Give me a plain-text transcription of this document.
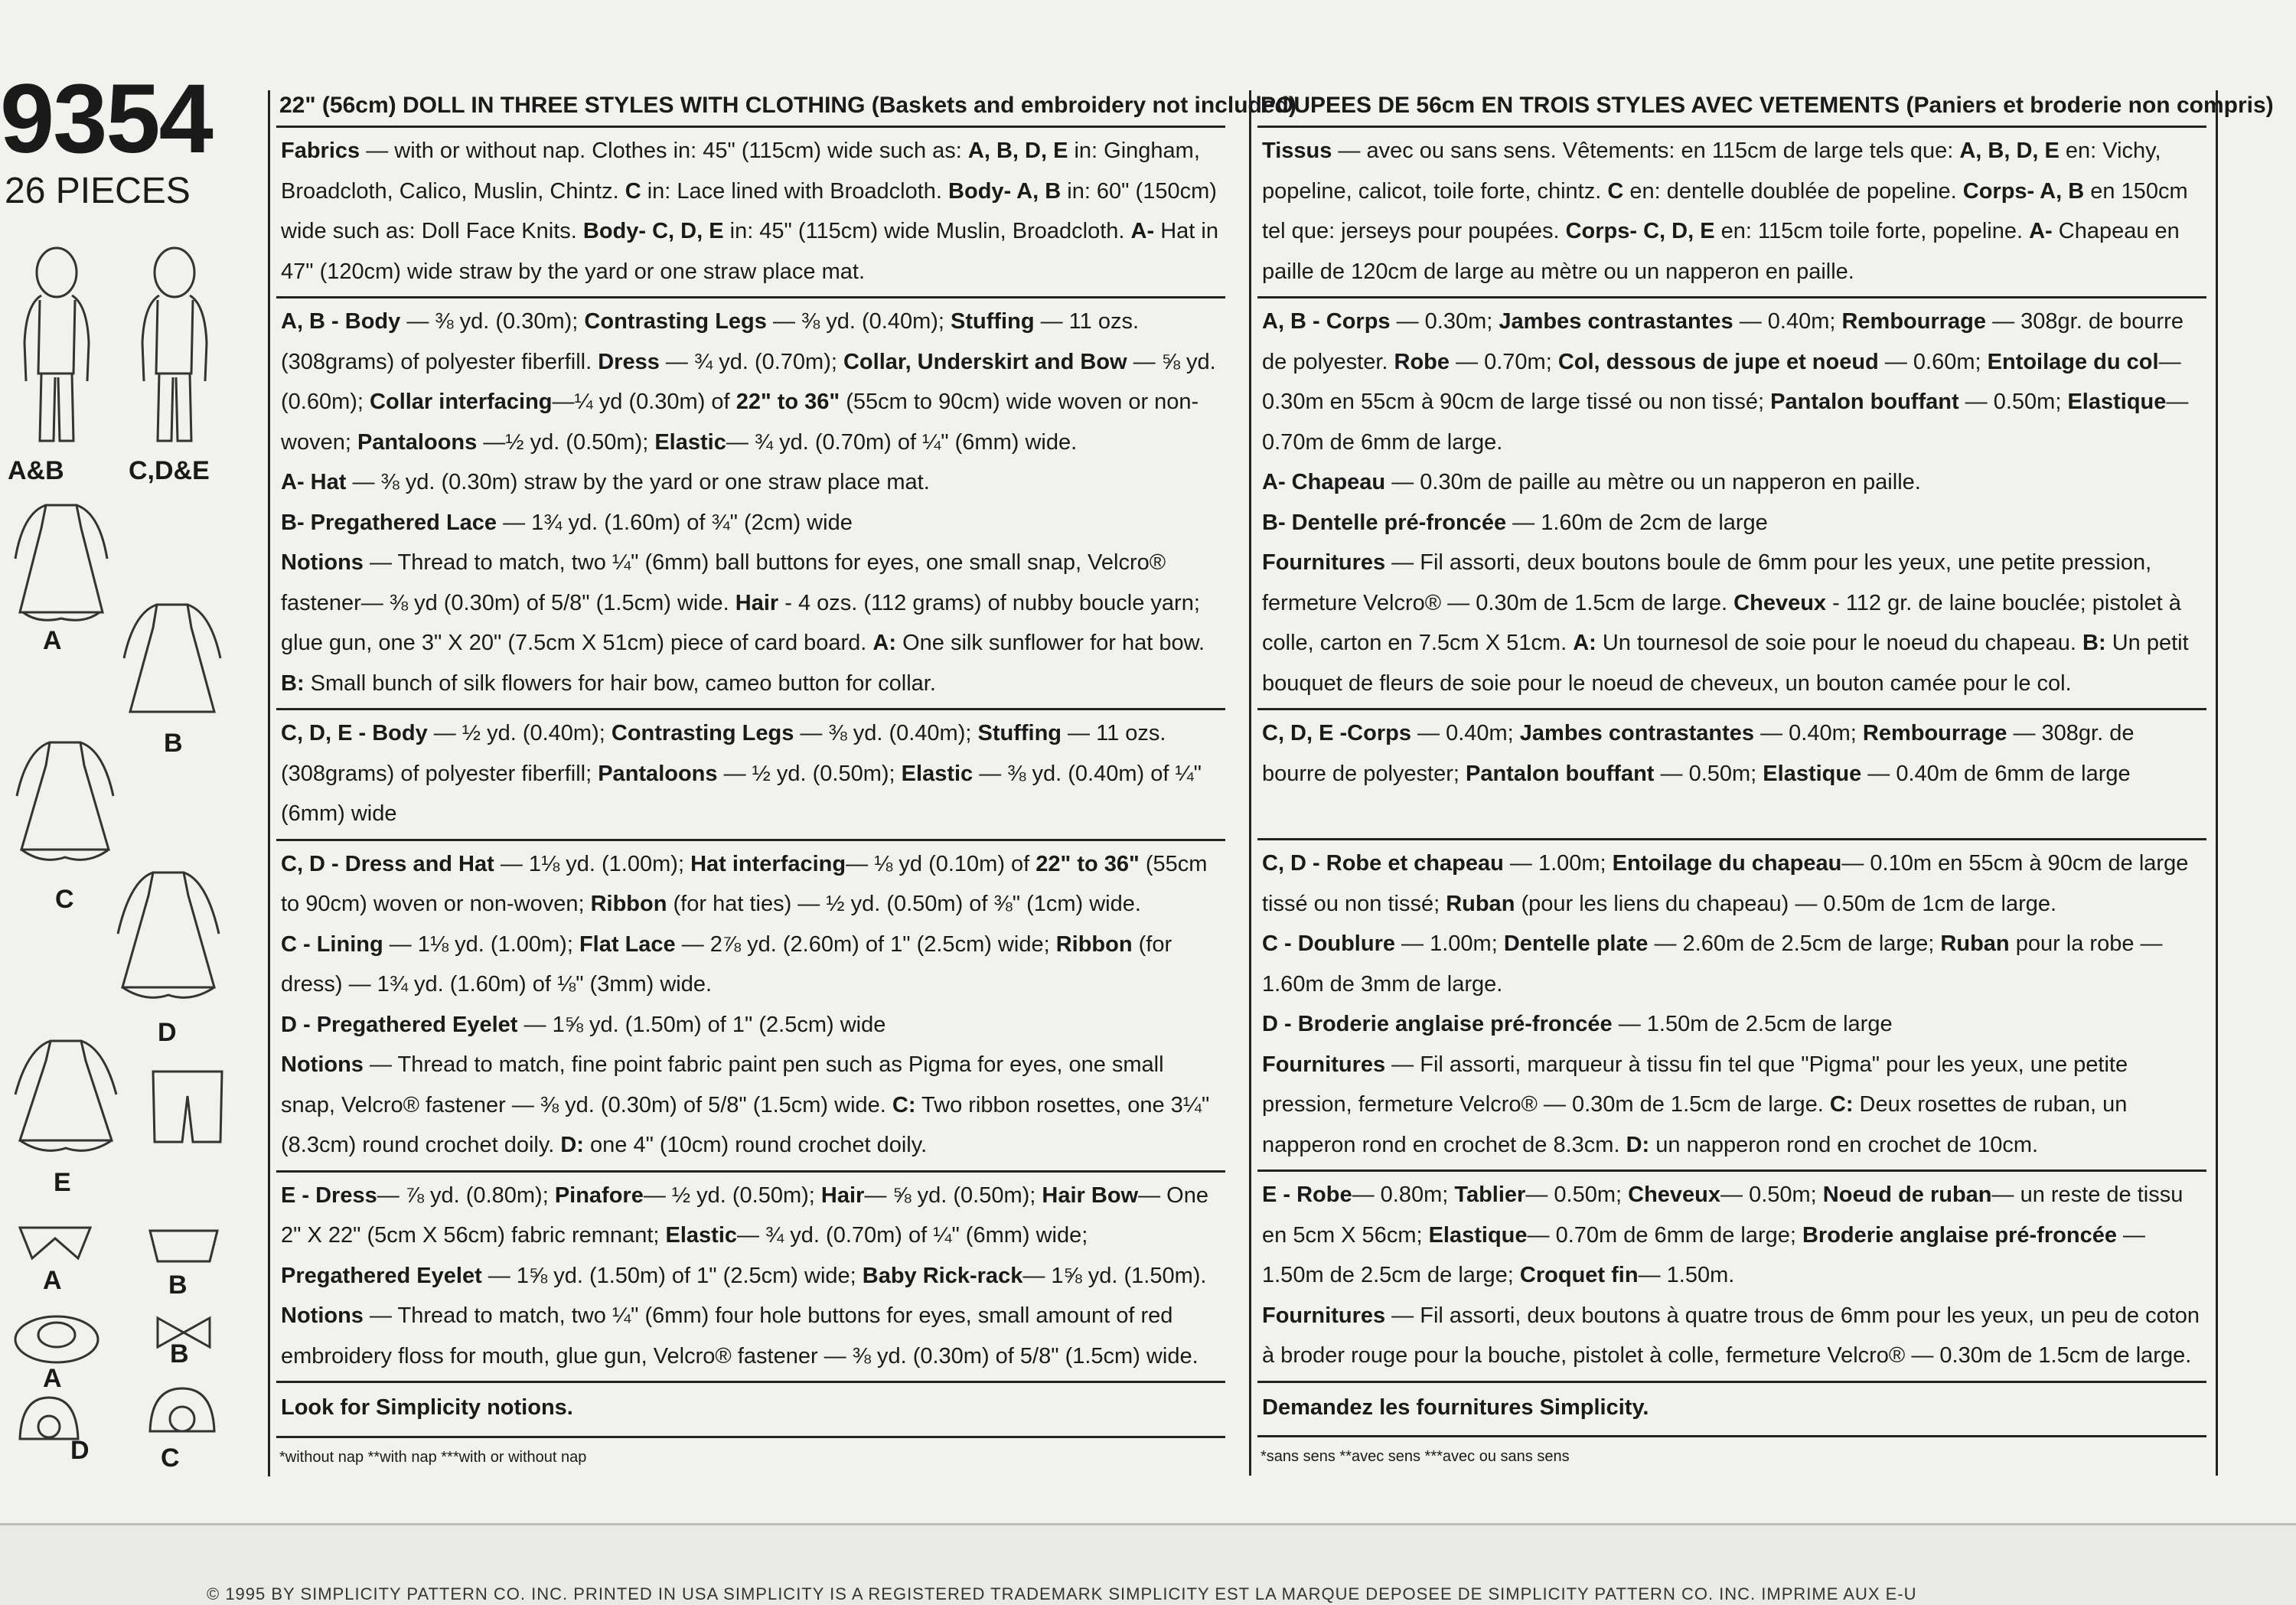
9354
26 PIECES
A&B C,D&E
A
B
C
D
E
A	B
A
B
D	C
22" (56cm) DOLL IN THREE STYLES WITH CLOTHING (Baskets and embroidery not included)

Fabrics — with or without nap. Clothes in: 45" (115cm) wide such as: A, B, D, E in: Gingham, Broadcloth, Calico, Muslin, Chintz. C in: Lace lined with Broadcloth. Body- A, B in: 60" (150cm) wide such as: Doll Face Knits. Body- C, D, E in: 45" (115cm) wide Muslin, Broadcloth. A- Hat in 47" (120cm) wide straw by the yard or one straw place mat.

A, B - Body — ⅜ yd. (0.30m); Contrasting Legs — ⅜ yd. (0.40m); Stuffing — 11 ozs. (308grams) of polyester fiberfill. Dress — ¾ yd. (0.70m); Collar, Underskirt and Bow — ⅝ yd. (0.60m); Collar interfacing—¼ yd (0.30m) of 22" to 36" (55cm to 90cm) wide woven or non-woven; Pantaloons —½ yd. (0.50m); Elastic— ¾ yd. (0.70m) of ¼" (6mm) wide.

A- Hat — ⅜ yd. (0.30m) straw by the yard or one straw place mat.

B- Pregathered Lace — 1¾ yd. (1.60m) of ¾" (2cm) wide

Notions — Thread to match, two ¼" (6mm) ball buttons for eyes, one small snap, Velcro® fastener— ⅜ yd (0.30m) of 5/8" (1.5cm) wide. Hair - 4 ozs. (112 grams) of nubby boucle yarn; glue gun, one 3" X 20" (7.5cm X 51cm) piece of card board. A: One silk sunflower for hat bow. B: Small bunch of silk flowers for hair bow, cameo button for collar.

C, D, E - Body — ½ yd. (0.40m); Contrasting Legs — ⅜ yd. (0.40m); Stuffing — 11 ozs. (308grams) of polyester fiberfill; Pantaloons — ½ yd. (0.50m); Elastic — ⅜ yd. (0.40m) of ¼" (6mm) wide

C, D - Dress and Hat — 1⅛ yd. (1.00m); Hat interfacing— ⅛ yd (0.10m) of 22" to 36" (55cm to 90cm) woven or non-woven; Ribbon (for hat ties) — ½ yd. (0.50m) of ⅜" (1cm) wide.

C - Lining — 1⅛ yd. (1.00m); Flat Lace — 2⅞ yd. (2.60m) of 1" (2.5cm) wide; Ribbon (for dress) — 1¾ yd. (1.60m) of ⅛" (3mm) wide.

D - Pregathered Eyelet — 1⅝ yd. (1.50m) of 1" (2.5cm) wide

Notions — Thread to match, fine point fabric paint pen such as Pigma for eyes, one small snap, Velcro® fastener — ⅜ yd. (0.30m) of 5/8" (1.5cm) wide. C: Two ribbon rosettes, one 3¼" (8.3cm) round crochet doily. D: one 4" (10cm) round crochet doily.

E - Dress— ⅞ yd. (0.80m); Pinafore— ½ yd. (0.50m); Hair— ⅝ yd. (0.50m); Hair Bow— One 2" X 22" (5cm X 56cm) fabric remnant; Elastic— ¾ yd. (0.70m) of ¼" (6mm) wide; Pregathered Eyelet — 1⅝ yd. (1.50m) of 1" (2.5cm) wide; Baby Rick-rack— 1⅝ yd. (1.50m).

Notions — Thread to match, two ¼" (6mm) four hole buttons for eyes, small amount of red embroidery floss for mouth, glue gun, Velcro® fastener — ⅜ yd. (0.30m) of 5/8" (1.5cm) wide.

Look for Simplicity notions.
*without nap **with nap ***with or without nap
POUPEES DE 56cm EN TROIS STYLES AVEC VETEMENTS (Paniers et broderie non compris)

Tissus — avec ou sans sens. Vêtements: en 115cm de large tels que: A, B, D, E en: Vichy, popeline, calicot, toile forte, chintz. C en: dentelle doublée de popeline. Corps- A, B en 150cm tel que: jerseys pour poupées. Corps- C, D, E en: 115cm toile forte, popeline. A- Chapeau en paille de 120cm de large au mètre ou un napperon en paille.

A, B - Corps — 0.30m; Jambes contrastantes — 0.40m; Rembourrage — 308gr. de bourre de polyester. Robe — 0.70m; Col, dessous de jupe et noeud — 0.60m; Entoilage du col— 0.30m en 55cm à 90cm de large tissé ou non tissé; Pantalon bouffant — 0.50m; Elastique— 0.70m de 6mm de large.

A- Chapeau — 0.30m de paille au mètre ou un napperon en paille.

B- Dentelle pré-froncée — 1.60m de 2cm de large

Fournitures — Fil assorti, deux boutons boule de 6mm pour les yeux, une petite pression, fermeture Velcro® — 0.30m de 1.5cm de large. Cheveux - 112 gr. de laine bouclée; pistolet à colle, carton en 7.5cm X 51cm. A: Un tournesol de soie pour le noeud du chapeau. B: Un petit bouquet de fleurs de soie pour le noeud de cheveux, un bouton camée pour le col.

C, D, E -Corps — 0.40m; Jambes contrastantes — 0.40m; Rembourrage — 308gr. de bourre de polyester; Pantalon bouffant — 0.50m; Elastique — 0.40m de 6mm de large

C, D - Robe et chapeau — 1.00m; Entoilage du chapeau— 0.10m en 55cm à 90cm de large tissé ou non tissé; Ruban (pour les liens du chapeau) — 0.50m de 1cm de large.

C - Doublure — 1.00m; Dentelle plate — 2.60m de 2.5cm de large; Ruban pour la robe — 1.60m de 3mm de large.

D - Broderie anglaise pré-froncée — 1.50m de 2.5cm de large

Fournitures — Fil assorti, marqueur à tissu fin tel que "Pigma" pour les yeux, une petite pression, fermeture Velcro® — 0.30m de 1.5cm de large. C: Deux rosettes de ruban, un napperon rond en crochet de 8.3cm. D: un napperon rond en crochet de 10cm.

E - Robe— 0.80m; Tablier— 0.50m; Cheveux— 0.50m; Noeud de ruban— un reste de tissu en 5cm X 56cm; Elastique— 0.70m de 6mm de large; Broderie anglaise pré-froncée — 1.50m de 2.5cm de large; Croquet fin— 1.50m.

Fournitures — Fil assorti, deux boutons à quatre trous de 6mm pour les yeux, un peu de coton à broder rouge pour la bouche, pistolet à colle, fermeture Velcro® — 0.30m de 1.5cm de large.

Demandez les fournitures Simplicity.
*sans sens **avec sens ***avec ou sans sens
© 1995 BY SIMPLICITY PATTERN CO. INC. PRINTED IN USA SIMPLICITY IS A REGISTERED TRADEMARK SIMPLICITY EST LA MARQUE DEPOSEE DE SIMPLICITY PATTERN CO. INC. IMPRIME AUX E-U
